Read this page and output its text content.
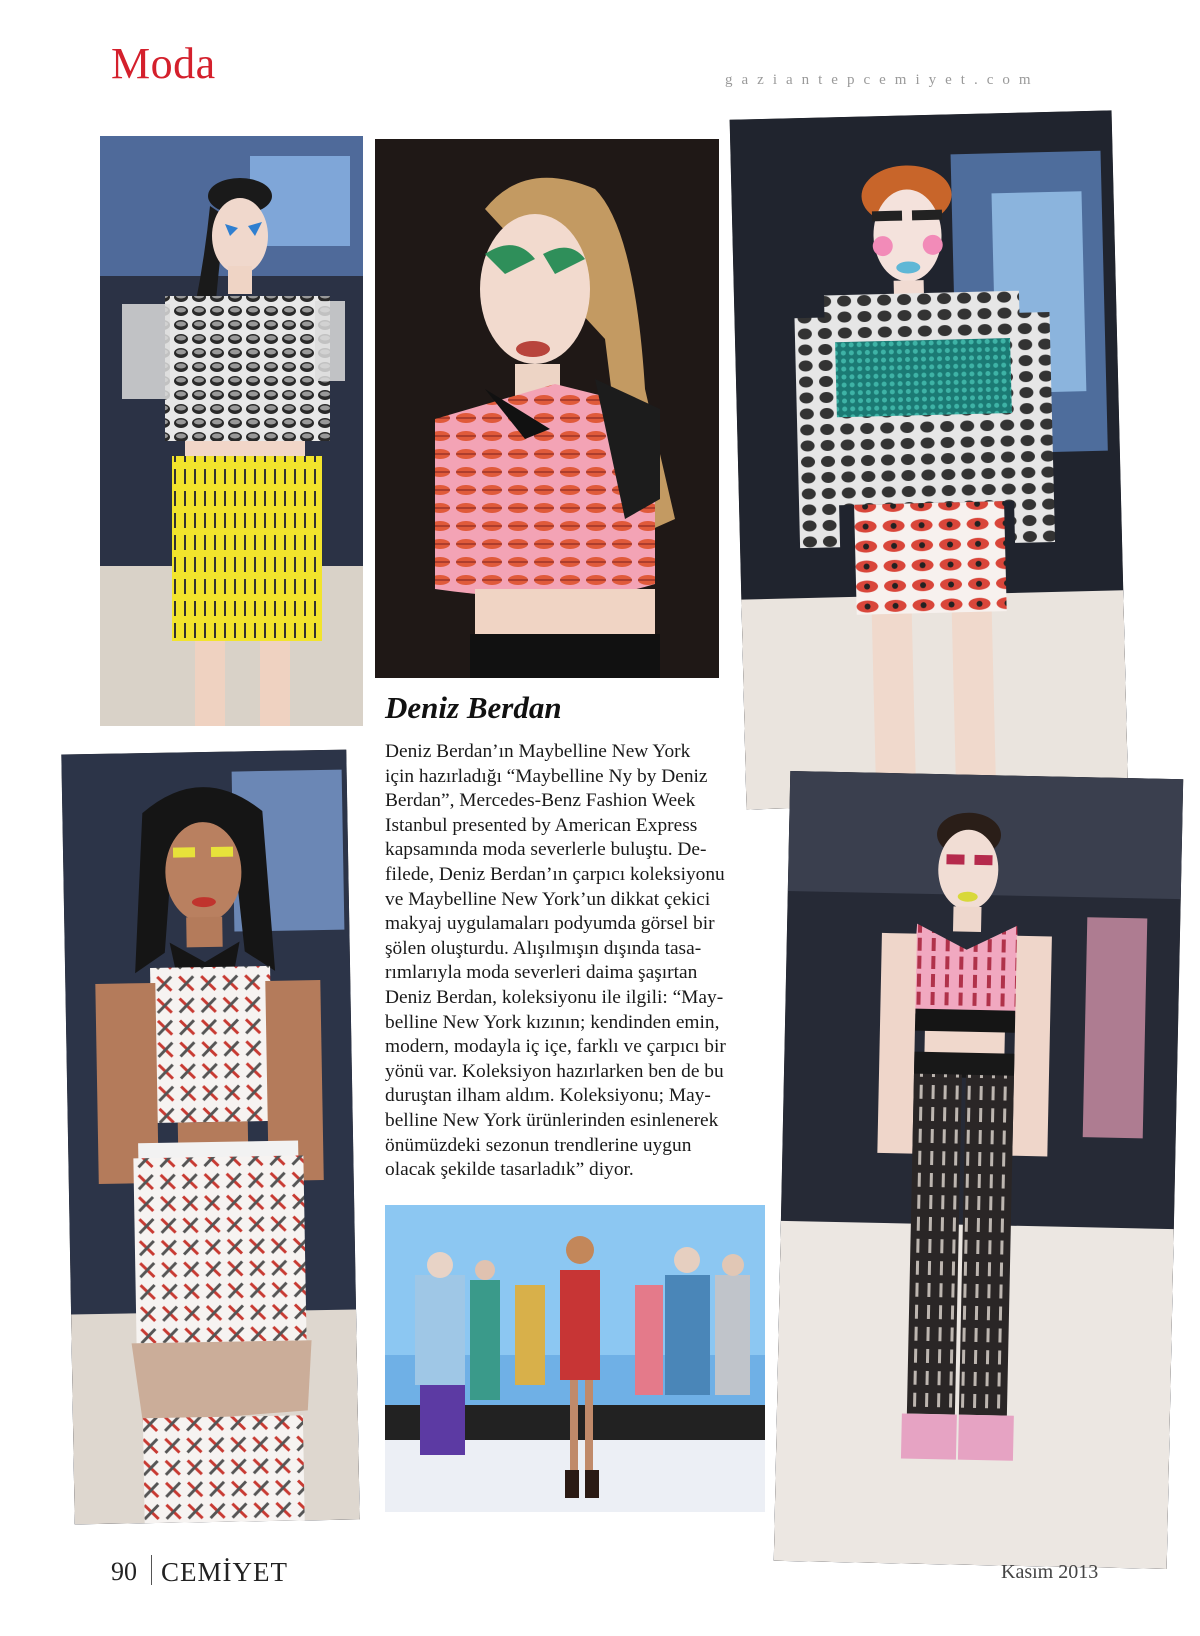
Moda	gaziantepcemiyet.com
Deniz Berdan
Deniz Berdan’ın Maybelline New York
için hazırladığı “Maybelline Ny by Deniz
Berdan”, Mercedes-Benz Fashion Week
Istanbul presented by American Express
kapsamında moda severlerle buluştu. De-
filede, Deniz Berdan’ın çarpıcı koleksiyonu
ve Maybelline New York’un dikkat çekici
makyaj uygulamaları podyumda görsel bir
şölen oluşturdu. Alışılmışın dışında tasa-
rımlarıyla moda severleri daima şaşırtan
Deniz Berdan, koleksiyonu ile ilgili: “May-
belline New York kızının; kendinden emin,
modern, modayla iç içe, farklı ve çarpıcı bir
yönü var. Koleksiyon hazırlarken ben de bu
duruştan ilham aldım. Koleksiyonu; May-
belline New York ürünlerinden esinlenerek
önümüzdeki sezonun trendlerine uygun
olacak şekilde tasarladık” diyor.
90 CEMİYET	Kasım 2013
